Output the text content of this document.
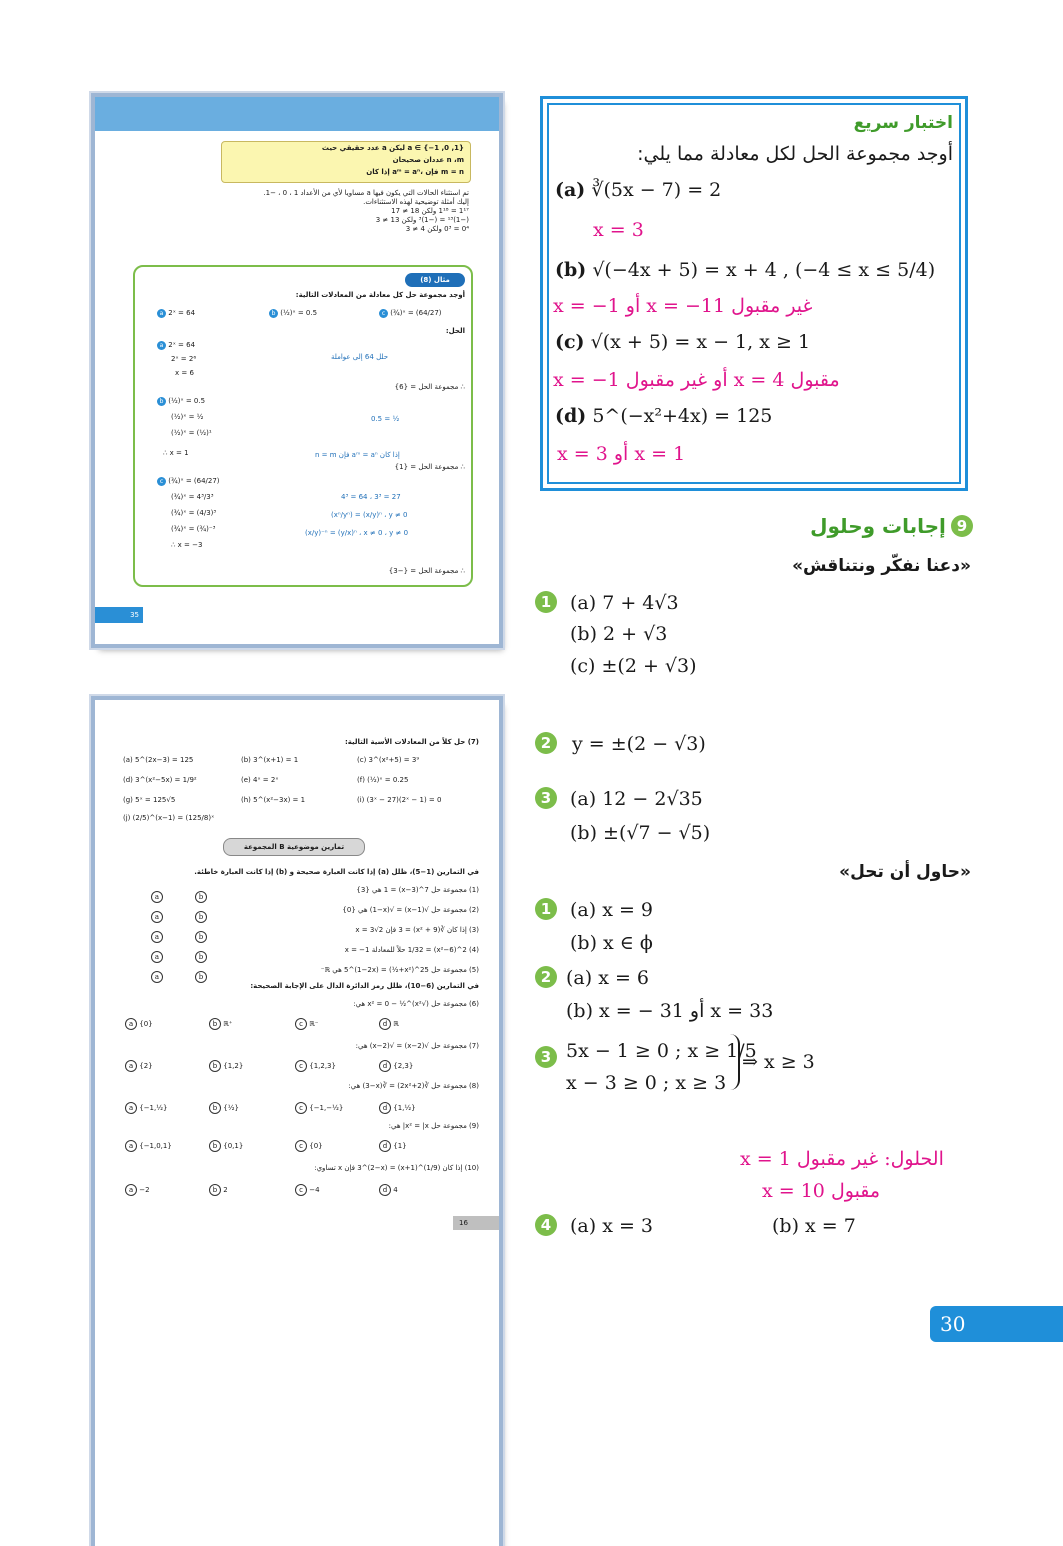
a ∈ {−1 ,0 ,1} ليكن a عدد حقيقي حيث
n ،m عددان صحيحان
m = n فإن ،aᵐ = aⁿ إذا كان
تم استثناء الحالات التي يكون فيها a مساويا لأي من الأعداد 1 ، 0 ، −1.
إليك أمثلة توضيحية لهذه الاستثناءات.
1¹⁷ = 1¹⁸ ولكن 18 ≠ 17
(−1)¹³ = (−1)³ ولكن 13 ≠ 3
0⁴ = 0³ ولكن 4 ≠ 3
مثال (8)
أوجد مجموعة حل كل معادلة من المعادلات التالية:
a 2ˣ = 64	b (½)ˣ = 0.5	c (¾)ˣ = (64/27)
الحل:
a 2ˣ = 64
2ˣ = 2⁶
x = 6
حلل 64 إلى عواملة
∴ مجموعة الحل = {6}
b (½)ˣ = 0.5
(½)ˣ = ½
(½)ˣ = (½)¹
∴ x = 1
0.5 = ½
إذا كان aᵐ = aⁿ فإن n = m
∴ مجموعة الحل = {1}
c (¾)ˣ = (64/27)
(¾)ˣ = 4³/3³
(¾)ˣ = (4/3)³
(¾)ˣ = (¾)⁻³
∴ x = −3
4³ = 64 ، 3³ = 27
(xⁿ/yⁿ) = (x/y)ⁿ ، y ≠ 0
(x/y)⁻ⁿ = (y/x)ⁿ ، x ≠ 0 ، y ≠ 0
∴ مجموعة الحل = {−3}
35
(7) حل كلاً من المعادلات الأسية التالية:
(a) 5^(2x−3) = 125	(b) 3^(x+1) = 1	(c) 3^(x²+5) = 3⁹
(d) 3^(x²−5x) = 1/9²	(e) 4ˣ = 2ˣ	(f) (½)ˣ = 0.25
(g) 5ˣ = 125√5	(h) 5^(x²−3x) = 1	(i) (3ˣ − 27)(2ˣ − 1) = 0
(j) (2/5)^(x−1) = (125/8)ˣ
المجموعة B تمارين موضوعية
في التمارين (1−5)، ظلل (a) إذا كانت العبارة صحيحة و (b) إذا كانت العبارة خاطئة.
(1) مجموعة حل 7^(3−x) = 1 هي {3}
(2) مجموعة حل √(x−1) = √(1−x) هي {0}
(3) إذا كان ∛(9 + x²) = 3 فإن x = 3√2
(4) 2^(x²−6) = 1/32 حلاً للمعادلة x = −1
(5) مجموعة حل 25^(x²+½) = 5^(1−2x) هي ℝ⁻
a	b
a	b
a	b
a	b
a	b
في التمارين (6−10)، ظلل رمز الدائرة الدال على الإجابة الصحيحة:
(6) مجموعة حل (√x²)^½ − x² = 0 هي:
a {0}	b ℝ⁺	c ℝ⁻	d ℝ
(7) مجموعة حل √(x−2) = √(x−2) هي:
a {2}	b {1,2}	c {1,2,3}	d {2,3}
(8) مجموعة حل ∛(2x²+2) = ∛(3−x) هي:
a {−1,½}	b {½}	c {−1,−½}	d {1,½}
(9) مجموعة حل x² = |x| هي:
a {−1,0,1}	b {0,1}	c {0}	d {1}
(10) إذا كان (1/9)^(x+1) = 3^(2−x) فإن x تساوي:
a −2	b 2	c −4	d 4
16
اختبار سريع
أوجد مجموعة الحل لكل معادلة مما يلي:
(a) ∛(5x − 7) = 2
x = 3
(b) √(−4x + 5) = x + 4 , (−4 ≤ x ≤ 5/4)
غير مقبول x = −11 أو x = −1
(c) √(x + 5) = x − 1, x ≥ 1
مقبول x = 4 أو غير مقبول x = −1
(d) 5^(−x²+4x) = 125
x = 3 أو x = 1
9 إجابات وحلول
«دعنا نفكّر ونتناقش»
1 (a) 7 + 4√3
(b) 2 + √3
(c) ±(2 + √3)
2	y = ±(2 − √3)
3 (a) 12 − 2√35
(b) ±(√7 − √5)
«حاول أن تحل»
1 (a) x = 9
(b) x ∈ ϕ
2 (a) x = 6
(b) x = − 31 أو x = 33
3 5x − 1 ≥ 0 ; x ≥ 1/5
x − 3 ≥ 0 ; x ≥ 3
⇒ x ≥ 3
الحلول: غير مقبول x = 1
مقبول x = 10
4 (a) x = 3	(b) x = 7
30
